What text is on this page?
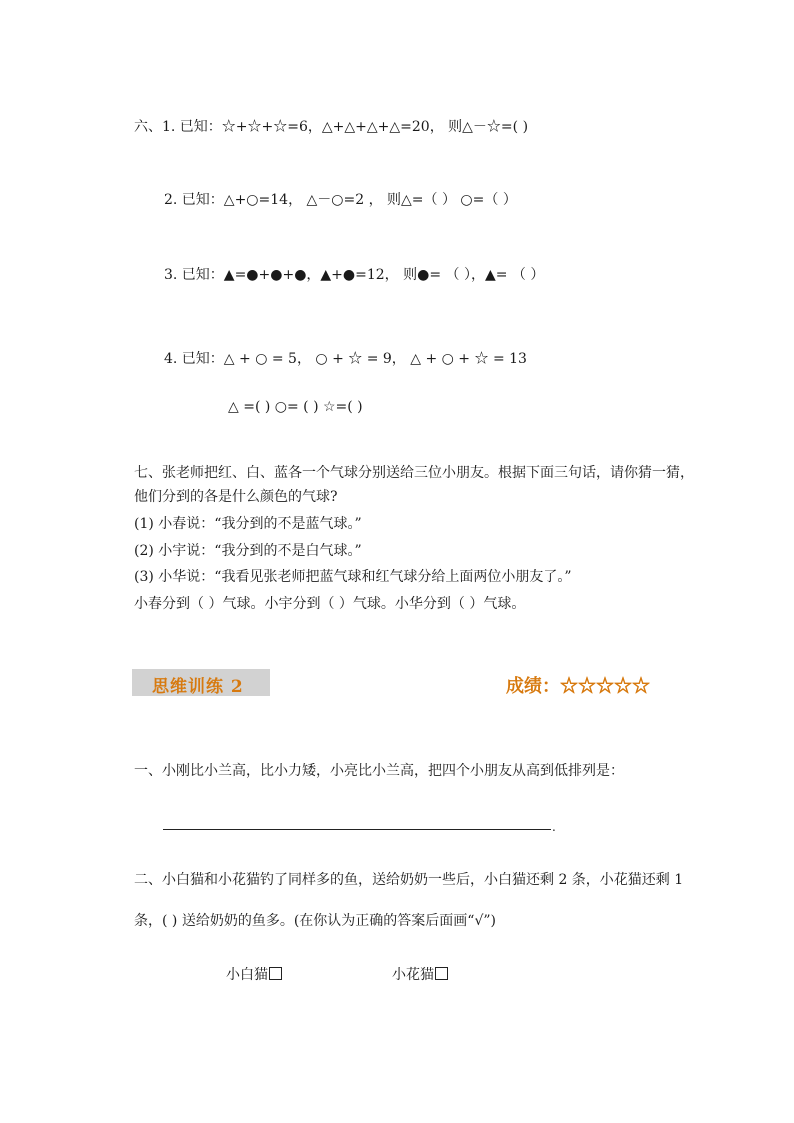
六、1. 已知：☆+☆+☆=6，△+△+△+△=20， 则△－☆=( )
2. 已知：△+○=14， △－○=2 ， 则△=（ ） ○=（ ）
3. 已知：▲=●+●+●，▲+●=12， 则●= （ ），▲= （ ）
4. 已知：△ + ○ = 5， ○ + ☆ = 9， △ + ○ + ☆ = 13
△ =( ) ○= ( ) ☆=( )
七、张老师把红、白、蓝各一个气球分别送给三位小朋友。根据下面三句话，请你猜一猜，
他们分到的各是什么颜色的气球?
(1) 小春说：“我分到的不是蓝气球。”
(2) 小宇说：“我分到的不是白气球。”
(3) 小华说：“我看见张老师把蓝气球和红气球分给上面两位小朋友了。”
小春分到（ ）气球。小宇分到（ ）气球。小华分到（ ）气球。
思维训练 2	成绩：☆☆☆☆☆
一、小刚比小兰高，比小力矮，小亮比小兰高，把四个小朋友从高到低排列是：
.
二、小白猫和小花猫钓了同样多的鱼，送给奶奶一些后，小白猫还剩 2 条，小花猫还剩 1
条，( ) 送给奶奶的鱼多。(在你认为正确的答案后面画“√”)
小白猫	小花猫
